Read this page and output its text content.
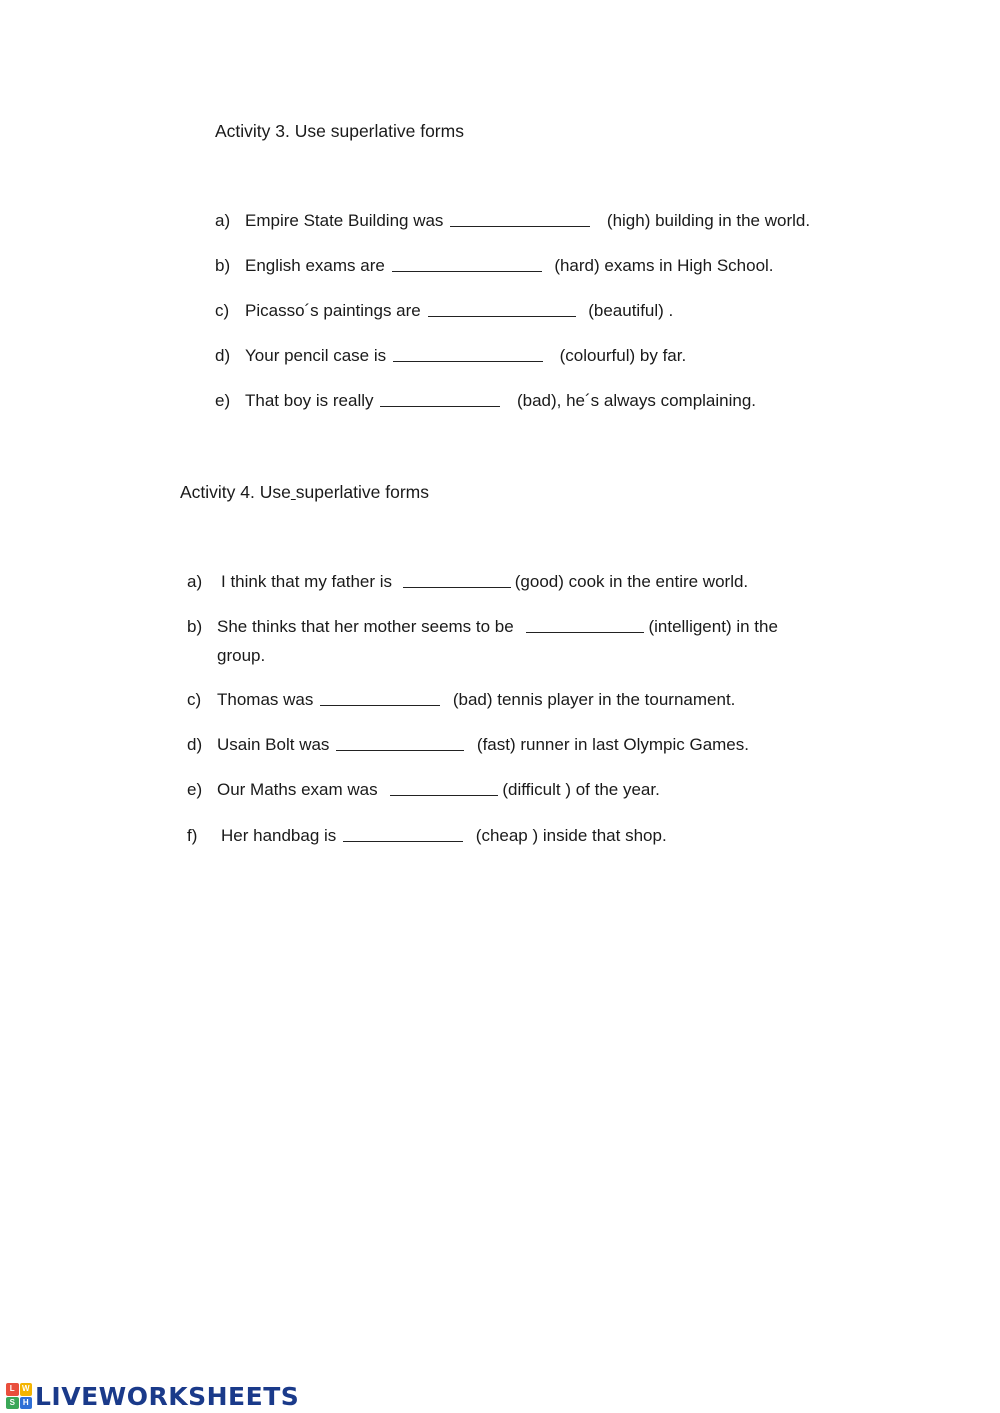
Activity 3. Use superlative forms
a) Empire State Building was	(high) building in the world.
b) English exams are	(hard) exams in High School.
c) Picasso´s paintings are	(beautiful) .
d) Your pencil case is	(colourful) by far.
e) That boy is really	(bad), he´s always complaining.
Activity 4. Use superlative forms
a) I think that my father is	(good) cook in the entire world.
b) She thinks that her mother seems to be	(intelligent) in the
group.
c) Thomas was	(bad) tennis player in the tournament.
d) Usain Bolt was	(fast) runner in last Olympic Games.
e) Our Maths exam was	(difficult ) of the year.
f) Her handbag is	(cheap ) inside that shop.
L W
S H LIVEWORKSHEETS
